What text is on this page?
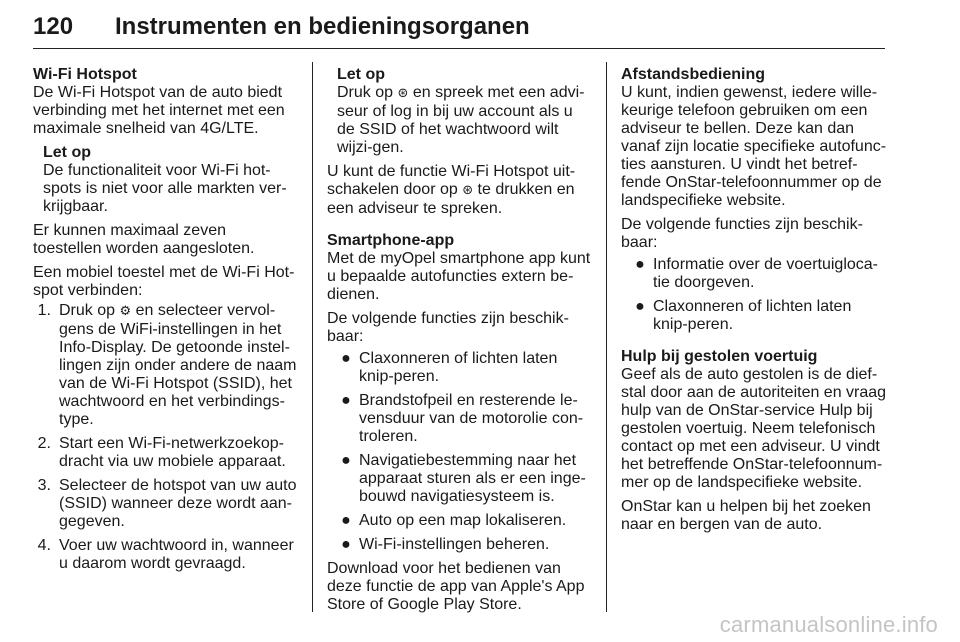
120 Instrumenten en bedieningsorganen
Wi-Fi Hotspot
De Wi-Fi Hotspot van de auto biedt verbinding met het internet met een maximale snelheid van 4G/LTE.
Let op
De functionaliteit voor Wi-Fi hot-spots is niet voor alle markten ver-krijgbaar.
Er kunnen maximaal zeven toestellen worden aangesloten.
Een mobiel toestel met de Wi-Fi Hot-spot verbinden:
1. Druk op ⚙ en selecteer vervol-gens de WiFi-instellingen in het Info-Display. De getoonde instel-lingen zijn onder andere de naam van de Wi-Fi Hotspot (SSID), het wachtwoord en het verbindings-type.
2. Start een Wi-Fi-netwerkzoekop-dracht via uw mobiele apparaat.
3. Selecteer de hotspot van uw auto (SSID) wanneer deze wordt aan-gegeven.
4. Voer uw wachtwoord in, wanneer u daarom wordt gevraagd.
Let op
Druk op ⊛ en spreek met een advi-seur of log in bij uw account als u de SSID of het wachtwoord wilt wijzi-gen.
U kunt de functie Wi-Fi Hotspot uit-schakelen door op ⊛ te drukken en een adviseur te spreken.
Smartphone-app
Met de myOpel smartphone app kunt u bepaalde autofuncties extern be-dienen.
De volgende functies zijn beschik-baar:
● Claxonneren of lichten laten knip-peren.
● Brandstofpeil en resterende le-vensduur van de motorolie con-troleren.
● Navigatiebestemming naar het apparaat sturen als er een inge-bouwd navigatiesysteem is.
● Auto op een map lokaliseren.
● Wi-Fi-instellingen beheren.
Download voor het bedienen van deze functie de app van Apple's App Store of Google Play Store.
Afstandsbediening
U kunt, indien gewenst, iedere wille-keurige telefoon gebruiken om een adviseur te bellen. Deze kan dan vanaf zijn locatie specifieke autofunc-ties aansturen. U vindt het betref-fende OnStar-telefoonnummer op de landspecifieke website.
De volgende functies zijn beschik-baar:
● Informatie over de voertuigloca-tie doorgeven.
● Claxonneren of lichten laten knip-peren.
Hulp bij gestolen voertuig
Geef als de auto gestolen is de dief-stal door aan de autoriteiten en vraag hulp van de OnStar-service Hulp bij gestolen voertuig. Neem telefonisch contact op met een adviseur. U vindt het betreffende OnStar-telefoonnum-mer op de landspecifieke website.
OnStar kan u helpen bij het zoeken naar en bergen van de auto.
carmanualsonline.info
